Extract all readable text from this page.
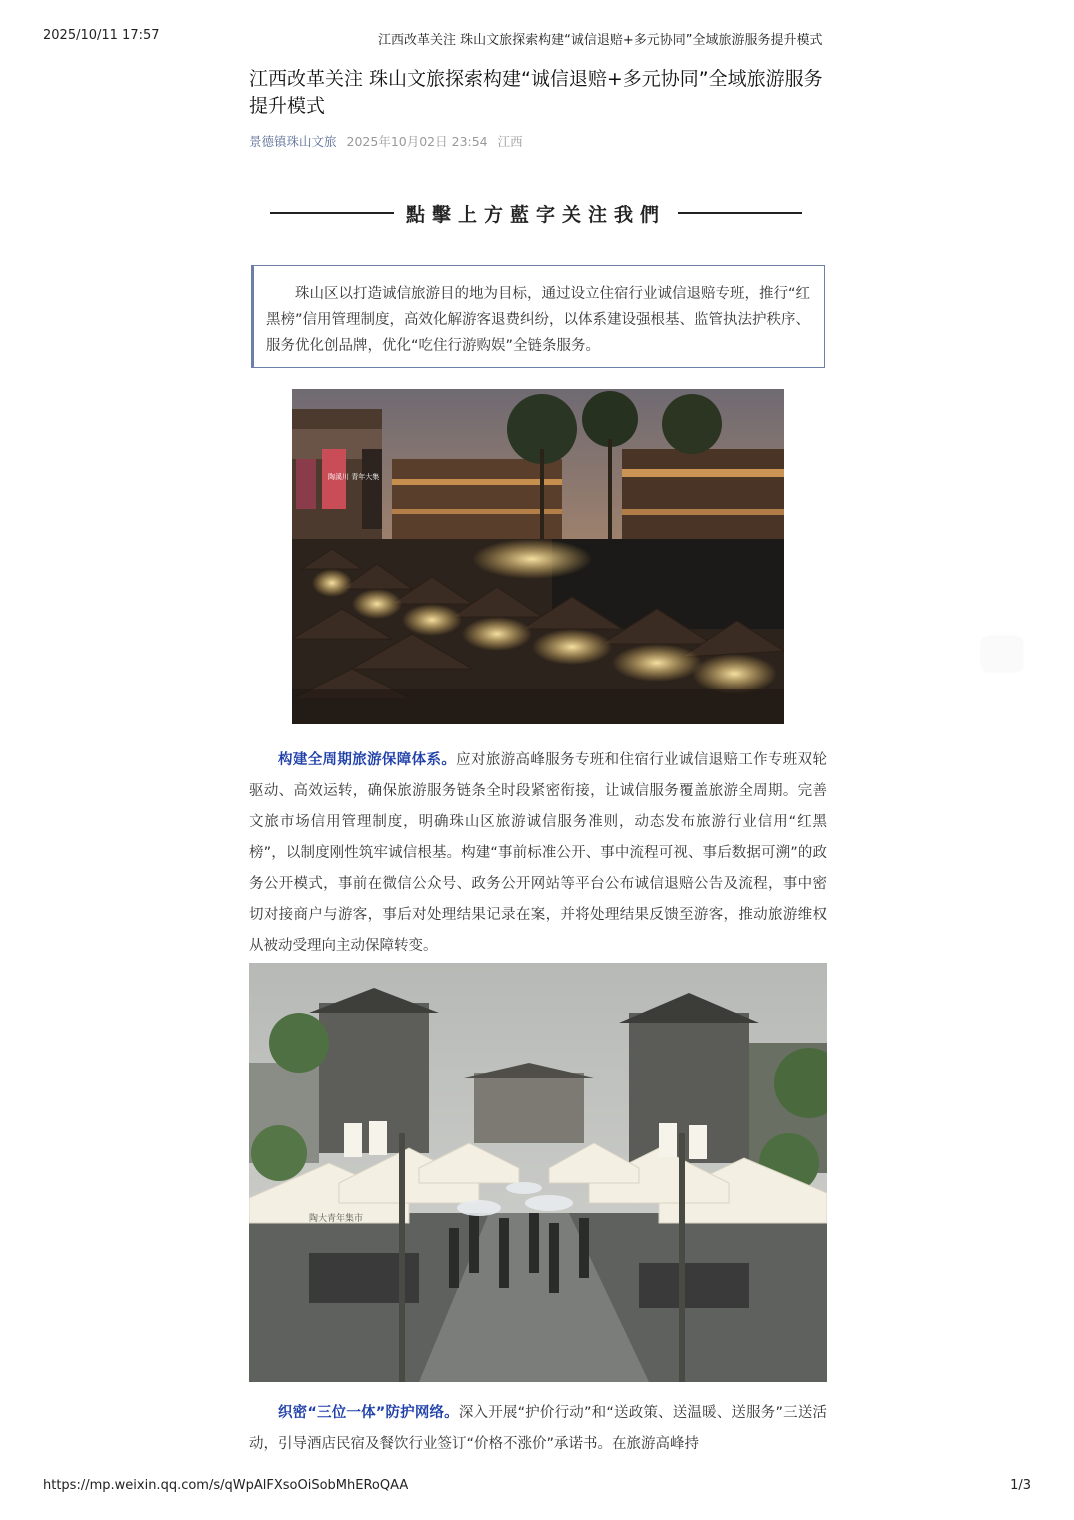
2025/10/11 17:57	江西改革关注 珠山文旅探索构建“诚信退赔+多元协同”全域旅游服务提升模式
江西改革关注 珠山文旅探索构建“诚信退赔+多元协同”全域旅游服务提升模式
景德镇珠山文旅 2025年10月02日 23:54 江西
點擊上方藍字关注我們
珠山区以打造诚信旅游目的地为目标，通过设立住宿行业诚信退赔专班，推行“红黑榜”信用管理制度，高效化解游客退费纠纷，以体系建设强根基、监管执法护秩序、服务优化创品牌，优化“吃住行游购娱”全链条服务。
陶溪川 青年大集

构建全周期旅游保障体系。应对旅游高峰服务专班和住宿行业诚信退赔工作专班双轮驱动、高效运转，确保旅游服务链条全时段紧密衔接，让诚信服务覆盖旅游全周期。完善文旅市场信用管理制度，明确珠山区旅游诚信服务准则，动态发布旅游行业信用“红黑榜”，以制度刚性筑牢诚信根基。构建“事前标准公开、事中流程可视、事后数据可溯”的政务公开模式，事前在微信公众号、政务公开网站等平台公布诚信退赔公告及流程，事中密切对接商户与游客，事后对处理结果记录在案，并将处理结果反馈至游客，推动旅游维权从被动受理向主动保障转变。

陶大青年集市

织密“三位一体”防护网络。深入开展“护价行动”和“送政策、送温暖、送服务”三送活动，引导酒店民宿及餐饮行业签订“价格不涨价”承诺书。在旅游高峰持

https://mp.weixin.qq.com/s/qWpAlFXsoOiSobMhERoQAA	1/3
